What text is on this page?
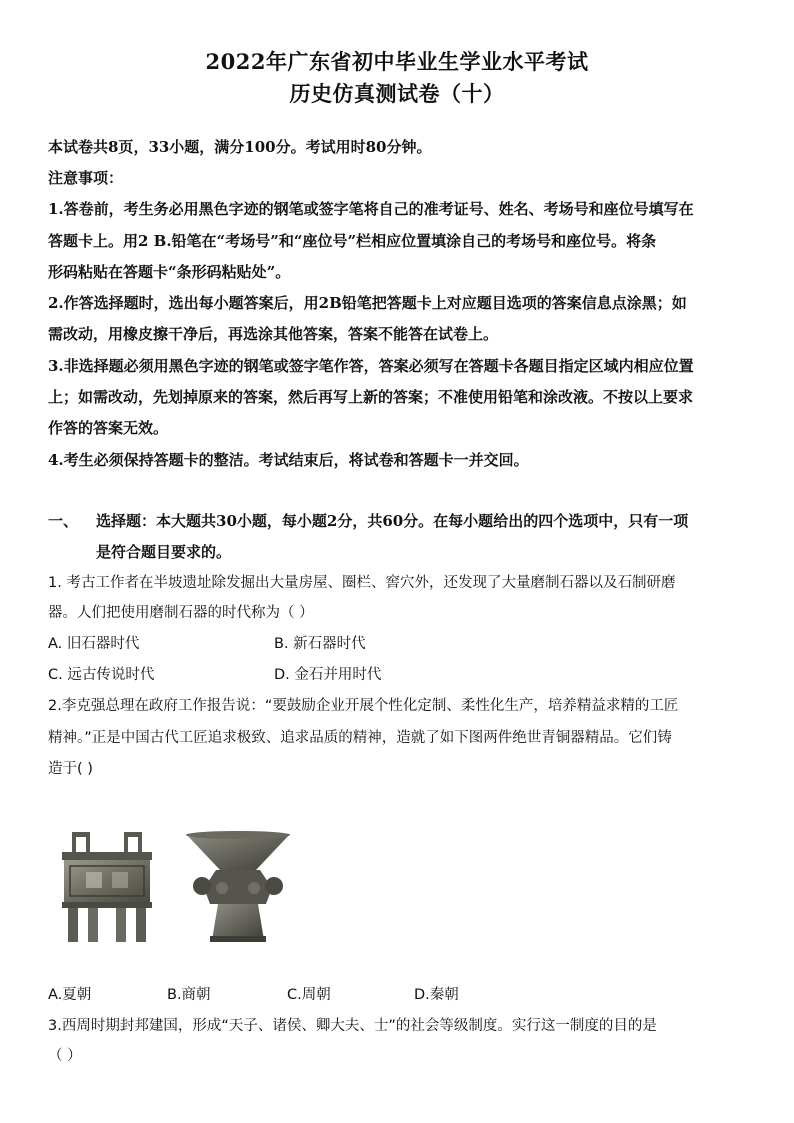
2022年广东省初中毕业生学业水平考试
历史仿真测试卷（十）
本试卷共8页，33小题，满分100分。考试用时80分钟。
注意事项：
1.答卷前，考生务必用黑色字迹的钢笔或签字笔将自己的准考证号、姓名、考场号和座位号填写在
答题卡上。用2 B.铅笔在“考场号”和“座位号”栏相应位置填涂自己的考场号和座位号。将条
形码粘贴在答题卡“条形码粘贴处”。
2.作答选择题时，选出每小题答案后，用2B铅笔把答题卡上对应题目选项的答案信息点涂黑；如
需改动，用橡皮擦干净后，再选涂其他答案，答案不能答在试卷上。
3.非选择题必须用黑色字迹的钢笔或签字笔作答，答案必须写在答题卡各题目指定区域内相应位置
上；如需改动，先划掉原来的答案，然后再写上新的答案；不准使用铅笔和涂改液。不按以上要求
作答的答案无效。
4.考生必须保持答题卡的整洁。考试结束后，将试卷和答题卡一并交回。
一、	选择题：本大题共30小题，每小题2分，共60分。在每小题给出的四个选项中，只有一项
是符合题目要求的。
1. 考古工作者在半坡遗址除发掘出大量房屋、圈栏、窖穴外，还发现了大量磨制石器以及石制研磨
器。人们把使用磨制石器的时代称为（ ）
A. 旧石器时代	B. 新石器时代
C. 远古传说时代	D. 金石并用时代
2.李克强总理在政府工作报告说：“要鼓励企业开展个性化定制、柔性化生产，培养精益求精的工匠
精神。”正是中国古代工匠追求极致、追求品质的精神，造就了如下图两件绝世青铜器精品。它们铸
造于( )
A.夏朝	B.商朝	C.周朝	D.秦朝
3.西周时期封邦建国，形成“天子、诸侯、卿大夫、士”的社会等级制度。实行这一制度的目的是
（ ）
